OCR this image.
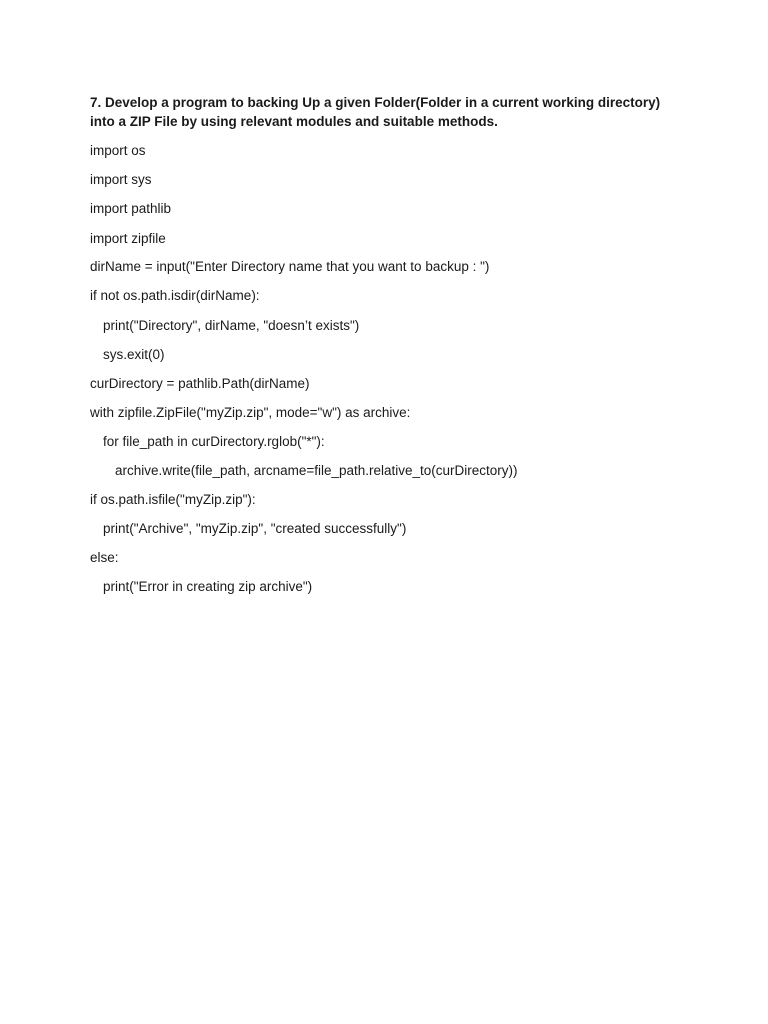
7. Develop a program to backing Up a given Folder(Folder in a current working directory) into a ZIP File by using relevant modules and suitable methods.

import os

import sys

import pathlib

import zipfile

dirName = input("Enter Directory name that you want to backup : ")

if not os.path.isdir(dirName):

print("Directory", dirName, "doesn’t exists")

sys.exit(0)

curDirectory = pathlib.Path(dirName)

with zipfile.ZipFile("myZip.zip", mode="w") as archive:

for file_path in curDirectory.rglob("*"):

archive.write(file_path, arcname=file_path.relative_to(curDirectory))

if os.path.isfile("myZip.zip"):

print("Archive", "myZip.zip", "created successfully")

else:

print("Error in creating zip archive")
